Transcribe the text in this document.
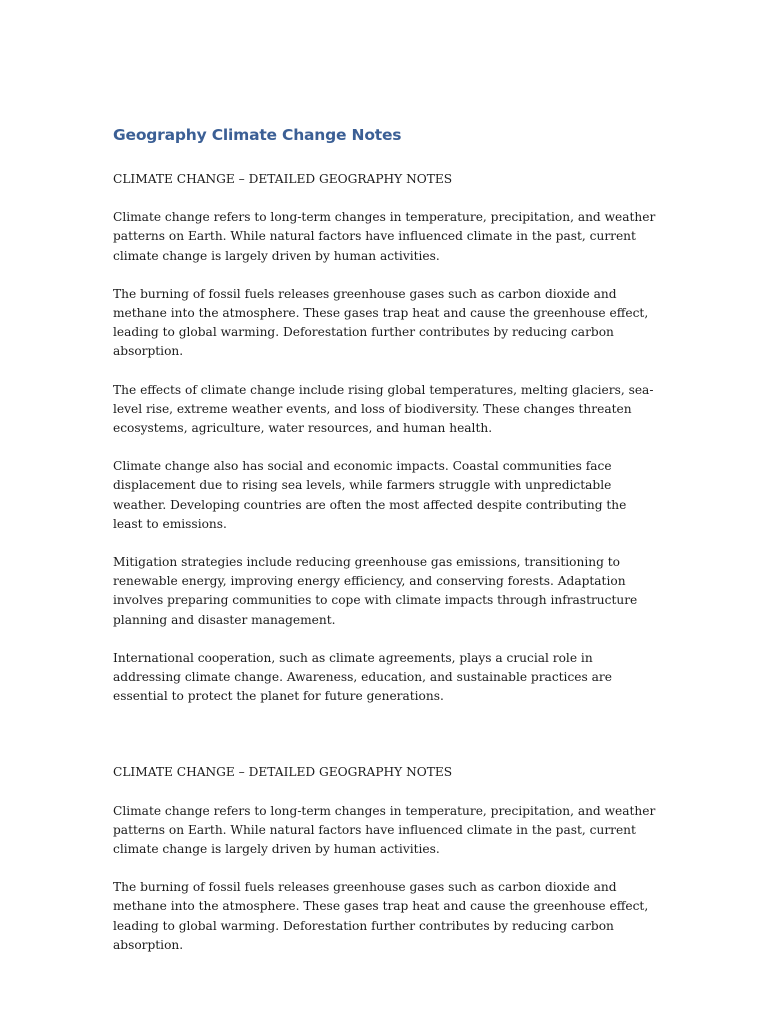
Geography Climate Change Notes

CLIMATE CHANGE – DETAILED GEOGRAPHY NOTES

Climate change refers to long-term changes in temperature, precipitation, and weather patterns on Earth. While natural factors have influenced climate in the past, current climate change is largely driven by human activities.

The burning of fossil fuels releases greenhouse gases such as carbon dioxide and methane into the atmosphere. These gases trap heat and cause the greenhouse effect, leading to global warming. Deforestation further contributes by reducing carbon absorption.

The effects of climate change include rising global temperatures, melting glaciers, sea-level rise, extreme weather events, and loss of biodiversity. These changes threaten ecosystems, agriculture, water resources, and human health.

Climate change also has social and economic impacts. Coastal communities face displacement due to rising sea levels, while farmers struggle with unpredictable weather. Developing countries are often the most affected despite contributing the least to emissions.

Mitigation strategies include reducing greenhouse gas emissions, transitioning to renewable energy, improving energy efficiency, and conserving forests. Adaptation involves preparing communities to cope with climate impacts through infrastructure planning and disaster management.

International cooperation, such as climate agreements, plays a crucial role in addressing climate change. Awareness, education, and sustainable practices are essential to protect the planet for future generations.

CLIMATE CHANGE – DETAILED GEOGRAPHY NOTES

Climate change refers to long-term changes in temperature, precipitation, and weather patterns on Earth. While natural factors have influenced climate in the past, current climate change is largely driven by human activities.

The burning of fossil fuels releases greenhouse gases such as carbon dioxide and methane into the atmosphere. These gases trap heat and cause the greenhouse effect, leading to global warming. Deforestation further contributes by reducing carbon absorption.
